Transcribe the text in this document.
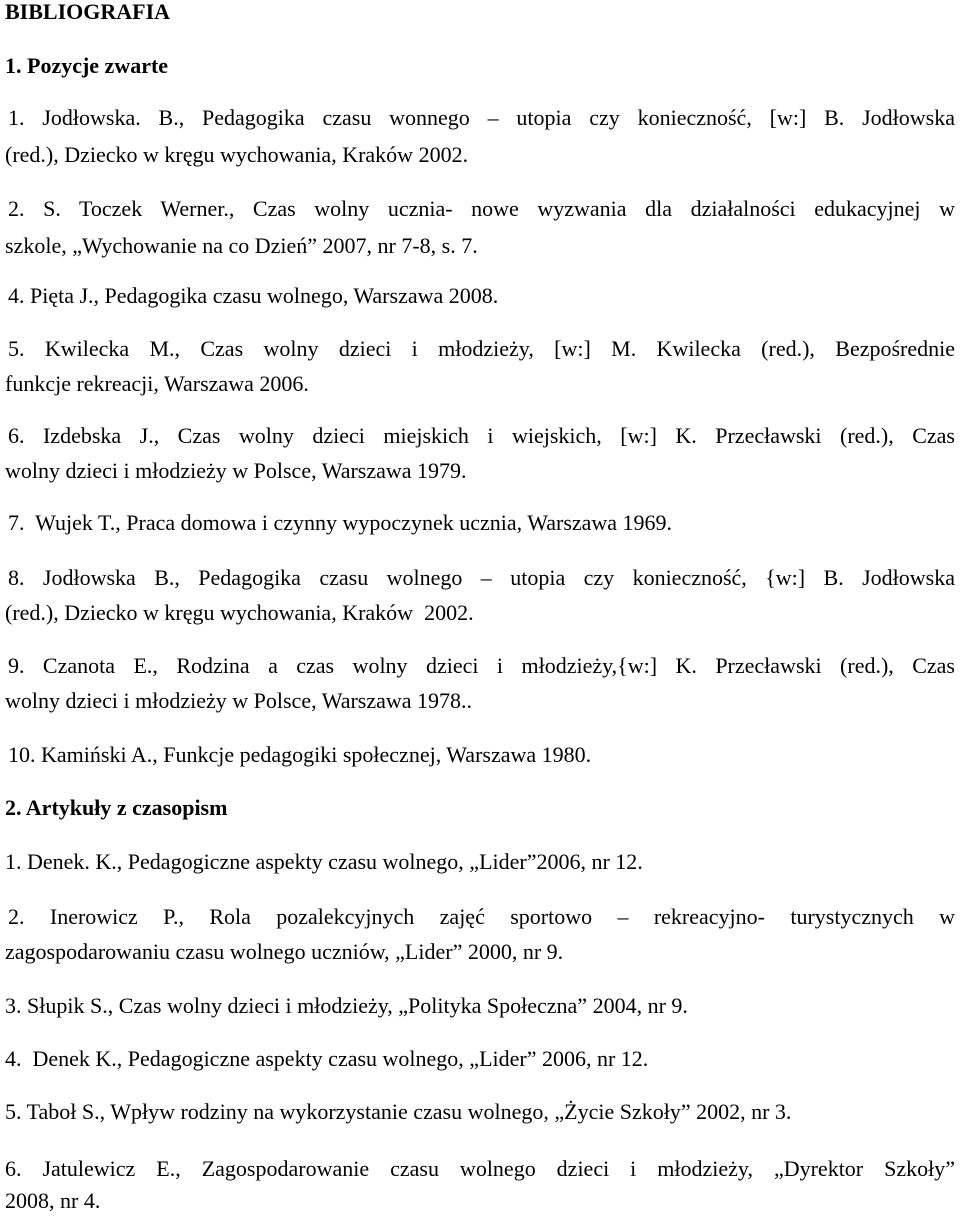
BIBLIOGRAFIA
1. Pozycje zwarte
1. Jodłowska. B., Pedagogika czasu wonnego – utopia czy konieczność, [w:] B. Jodłowska
(red.), Dziecko w kręgu wychowania, Kraków 2002.
2. S. Toczek Werner., Czas wolny ucznia- nowe wyzwania dla działalności edukacyjnej w
szkole, „Wychowanie na co Dzień” 2007, nr 7-8, s. 7.
4. Pięta J., Pedagogika czasu wolnego, Warszawa 2008.
5. Kwilecka M., Czas wolny dzieci i młodzieży, [w:] M. Kwilecka (red.), Bezpośrednie
funkcje rekreacji, Warszawa 2006.
6. Izdebska J., Czas wolny dzieci miejskich i wiejskich, [w:] K. Przecławski (red.), Czas
wolny dzieci i młodzieży w Polsce, Warszawa 1979.
7.  Wujek T., Praca domowa i czynny wypoczynek ucznia, Warszawa 1969.
8. Jodłowska B., Pedagogika czasu wolnego – utopia czy konieczność, {w:] B. Jodłowska
(red.), Dziecko w kręgu wychowania, Kraków  2002.
9. Czanota E., Rodzina a czas wolny dzieci i młodzieży,{w:] K. Przecławski (red.), Czas
wolny dzieci i młodzieży w Polsce, Warszawa 1978..
10. Kamiński A., Funkcje pedagogiki społecznej, Warszawa 1980.
2. Artykuły z czasopism
1. Denek. K., Pedagogiczne aspekty czasu wolnego, „Lider”2006, nr 12.
2. Inerowicz P., Rola pozalekcyjnych zajęć sportowo – rekreacyjno- turystycznych w
zagospodarowaniu czasu wolnego uczniów, „Lider” 2000, nr 9.
3. Słupik S., Czas wolny dzieci i młodzieży, „Polityka Społeczna” 2004, nr 9.
4.  Denek K., Pedagogiczne aspekty czasu wolnego, „Lider” 2006, nr 12.
5. Taboł S., Wpływ rodziny na wykorzystanie czasu wolnego, „Życie Szkoły” 2002, nr 3.
6. Jatulewicz E., Zagospodarowanie czasu wolnego dzieci i młodzieży, „Dyrektor Szkoły”
2008, nr 4.
